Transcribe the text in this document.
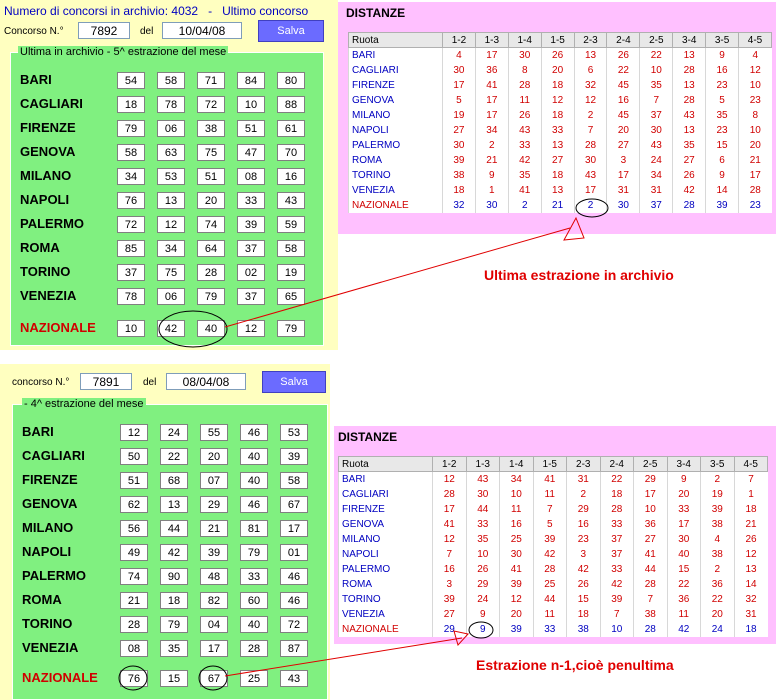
Numero di concorsi in archivio: 4032   -   Ultimo concorso
Concorso N.°	7892	del	10/04/08	Salva
Ultima in archivio - 5^ estrazione del mese
BARI	54	58	71	84	80
CAGLIARI	18	78	72	10	88
FIRENZE	79	06	38	51	61
GENOVA	58	63	75	47	70
MILANO	34	53	51	08	16
NAPOLI	76	13	20	33	43
PALERMO	72	12	74	39	59
ROMA	85	34	64	37	58
TORINO	37	75	28	02	19
VENEZIA	78	06	79	37	65
NAZIONALE	10	42	40	12	79
DISTANZE
Ruota	1-2	1-3	1-4	1-5	2-3	2-4	2-5	3-4	3-5	4-5
BARI	4	17	30	26	13	26	22	13	9	4
CAGLIARI	30	36	8	20	6	22	10	28	16	12
FIRENZE	17	41	28	18	32	45	35	13	23	10
GENOVA	5	17	11	12	12	16	7	28	5	23
MILANO	19	17	26	18	2	45	37	43	35	8
NAPOLI	27	34	43	33	7	20	30	13	23	10
PALERMO	30	2	33	13	28	27	43	35	15	20
ROMA	39	21	42	27	30	3	24	27	6	21
TORINO	38	9	35	18	43	17	34	26	9	17
VENEZIA	18	1	41	13	17	31	31	42	14	28
NAZIONALE	32	30	2	21	2	30	37	28	39	23
Ultima estrazione in archivio
concorso N.°	7891	del	08/04/08	Salva
- 4^ estrazione del mese
BARI	12	24	55	46	53
CAGLIARI	50	22	20	40	39
FIRENZE	51	68	07	40	58
GENOVA	62	13	29	46	67
MILANO	56	44	21	81	17
NAPOLI	49	42	39	79	01
PALERMO	74	90	48	33	46
ROMA	21	18	82	60	46
TORINO	28	79	04	40	72
VENEZIA	08	35	17	28	87
NAZIONALE	76	15	67	25	43
DISTANZE
Ruota	1-2	1-3	1-4	1-5	2-3	2-4	2-5	3-4	3-5	4-5
BARI	12	43	34	41	31	22	29	9	2	7
CAGLIARI	28	30	10	11	2	18	17	20	19	1
FIRENZE	17	44	11	7	29	28	10	33	39	18
GENOVA	41	33	16	5	16	33	36	17	38	21
MILANO	12	35	25	39	23	37	27	30	4	26
NAPOLI	7	10	30	42	3	37	41	40	38	12
PALERMO	16	26	41	28	42	33	44	15	2	13
ROMA	3	29	39	25	26	42	28	22	36	14
TORINO	39	24	12	44	15	39	7	36	22	32
VENEZIA	27	9	20	11	18	7	38	11	20	31
NAZIONALE	29	9	39	33	38	10	28	42	24	18
Estrazione n-1,cioè penultima
